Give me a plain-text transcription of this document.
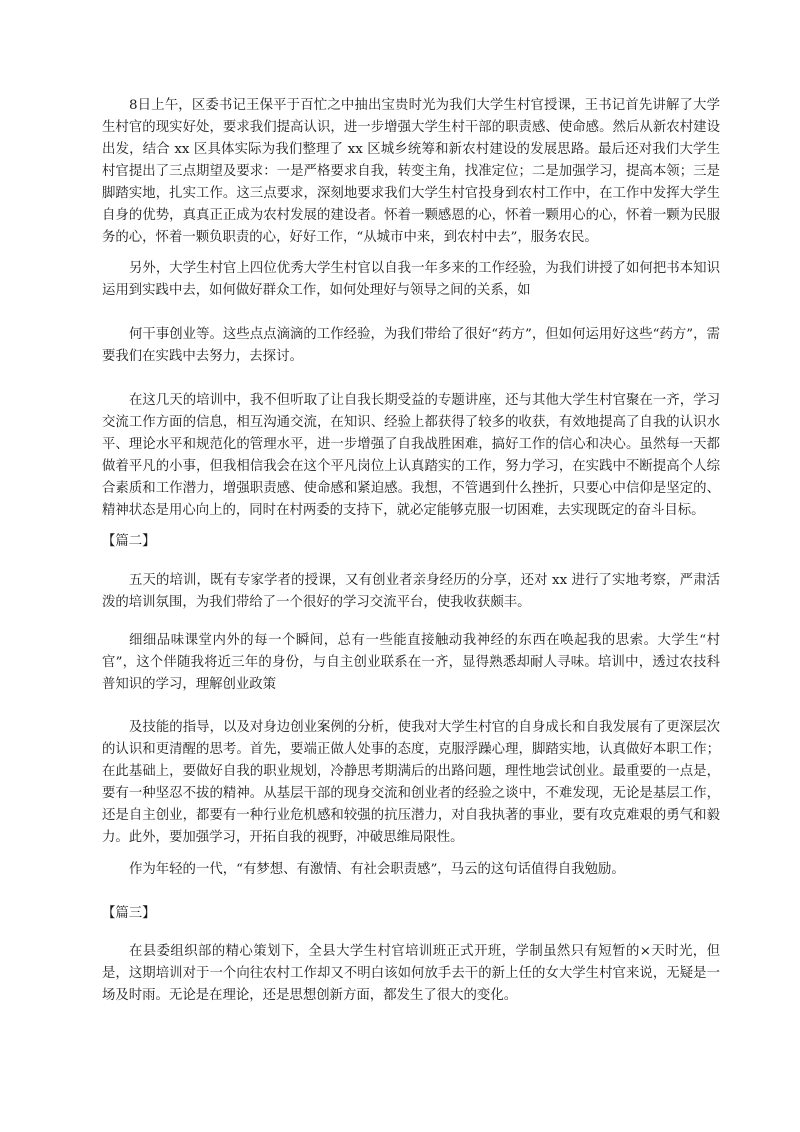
8日上午，区委书记王保平于百忙之中抽出宝贵时光为我们大学生村官授课，王书记首先讲解了大学生村官的现实好处，要求我们提高认识，进一步增强大学生村干部的职责感、使命感。然后从新农村建设出发，结合 xx 区具体实际为我们整理了 xx 区城乡统筹和新农村建设的发展思路。最后还对我们大学生村官提出了三点期望及要求：一是严格要求自我，转变主角，找准定位；二是加强学习，提高本领；三是脚踏实地，扎实工作。这三点要求，深刻地要求我们大学生村官投身到农村工作中，在工作中发挥大学生自身的优势，真真正正成为农村发展的建设者。怀着一颗感恩的心，怀着一颗用心的心，怀着一颗为民服务的心，怀着一颗负职责的心，好好工作，“从城市中来，到农村中去”，服务农民。

另外，大学生村官上四位优秀大学生村官以自我一年多来的工作经验，为我们讲授了如何把书本知识运用到实践中去，如何做好群众工作，如何处理好与领导之间的关系，如

何干事创业等。这些点点滴滴的工作经验，为我们带给了很好“药方”，但如何运用好这些“药方”，需要我们在实践中去努力，去探讨。

在这几天的培训中，我不但听取了让自我长期受益的专题讲座，还与其他大学生村官聚在一齐，学习交流工作方面的信息，相互沟通交流，在知识、经验上都获得了较多的收获，有效地提高了自我的认识水平、理论水平和规范化的管理水平，进一步增强了自我战胜困难，搞好工作的信心和决心。虽然每一天都做着平凡的小事，但我相信我会在这个平凡岗位上认真踏实的工作，努力学习，在实践中不断提高个人综合素质和工作潜力，增强职责感、使命感和紧迫感。我想，不管遇到什么挫折，只要心中信仰是坚定的、精神状态是用心向上的，同时在村两委的支持下，就必定能够克服一切困难，去实现既定的奋斗目标。

【篇二】

五天的培训，既有专家学者的授课，又有创业者亲身经历的分享，还对 xx 进行了实地考察，严肃活泼的培训氛围，为我们带给了一个很好的学习交流平台，使我收获颇丰。

细细品味课堂内外的每一个瞬间，总有一些能直接触动我神经的东西在唤起我的思索。大学生“村官”，这个伴随我将近三年的身份，与自主创业联系在一齐，显得熟悉却耐人寻味。培训中，透过农技科普知识的学习，理解创业政策

及技能的指导，以及对身边创业案例的分析，使我对大学生村官的自身成长和自我发展有了更深层次的认识和更清醒的思考。首先，要端正做人处事的态度，克服浮躁心理，脚踏实地，认真做好本职工作；在此基础上，要做好自我的职业规划，冷静思考期满后的出路问题，理性地尝试创业。最重要的一点是，要有一种坚忍不拔的精神。从基层干部的现身交流和创业者的经验之谈中，不难发现，无论是基层工作，还是自主创业，都要有一种行业危机感和较强的抗压潜力，对自我执著的事业，要有攻克难艰的勇气和毅力。此外，要加强学习，开拓自我的视野，冲破思维局限性。

作为年轻的一代，“有梦想、有激情、有社会职责感”，马云的这句话值得自我勉励。

【篇三】

在县委组织部的精心策划下，全县大学生村官培训班正式开班，学制虽然只有短暂的×天时光，但是，这期培训对于一个向往农村工作却又不明白该如何放手去干的新上任的女大学生村官来说，无疑是一场及时雨。无论是在理论，还是思想创新方面，都发生了很大的变化。
